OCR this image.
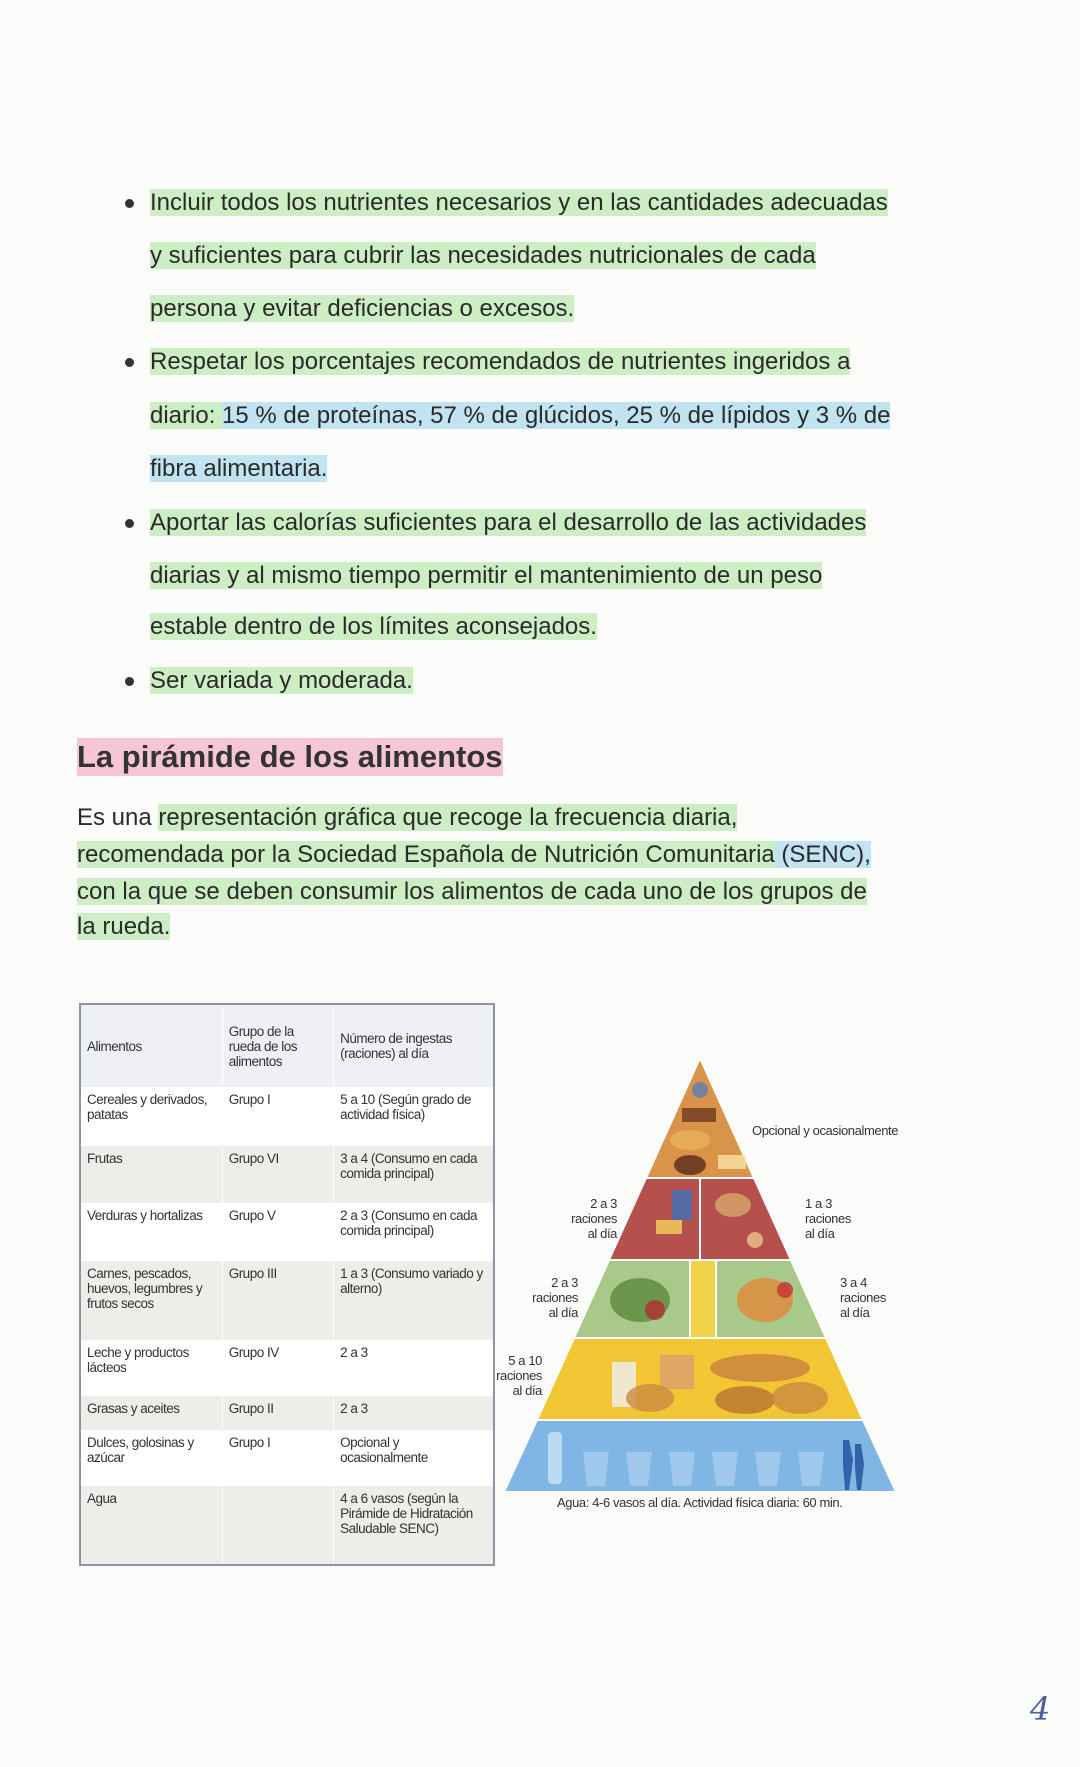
Incluir todos los nutrientes necesarios y en las cantidades adecuadas
y suficientes para cubrir las necesidades nutricionales de cada
persona y evitar deficiencias o excesos.
Respetar los porcentajes recomendados de nutrientes ingeridos a
diario: 15 % de proteínas, 57 % de glúcidos, 25 % de lípidos y 3 % de
fibra alimentaria.
Aportar las calorías suficientes para el desarrollo de las actividades
diarias y al mismo tiempo permitir el mantenimiento de un peso
estable dentro de los límites aconsejados.
Ser variada y moderada.
La pirámide de los alimentos
Es una representación gráfica que recoge la frecuencia diaria,
recomendada por la Sociedad Española de Nutrición Comunitaria (SENC),
con la que se deben consumir los alimentos de cada uno de los grupos de
la rueda.
Alimentos	Grupo de la rueda de los alimentos	Número de ingestas (raciones) al día
Cereales y derivados, patatas	Grupo I	5 a 10 (Según grado de actividad física)
Frutas	Grupo VI	3 a 4 (Consumo en cada comida principal)
Verduras y hortalizas	Grupo V	2 a 3 (Consumo en cada comida principal)
Carnes, pescados, huevos, legumbres y frutos secos	Grupo III	1 a 3 (Consumo variado y alterno)
Leche y productos lácteos	Grupo IV	2 a 3
Grasas y aceites	Grupo II	2 a 3
Dulces, golosinas y azúcar	Grupo I	Opcional y ocasionalmente
Agua		4 a 6 vasos (según la Pirámide de Hidratación Saludable SENC)
Opcional y ocasionalmente
2 a 3
raciones
al día
1 a 3
raciones
al día
2 a 3
raciones
al día
3 a 4
raciones
al día
5 a 10
raciones
al día
Agua: 4-6 vasos al día. Actividad física diaria: 60 min.
4
